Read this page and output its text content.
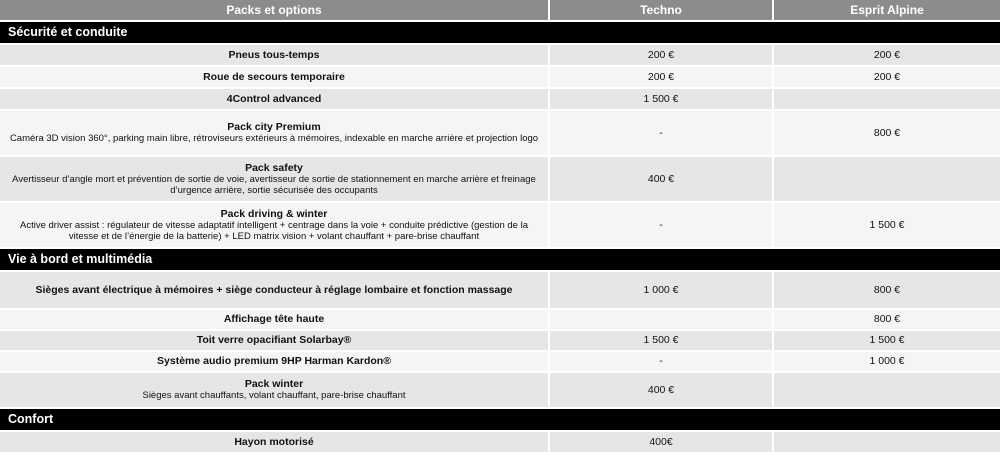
Packs et options	Techno	Esprit Alpine
Sécurité et conduite		

Pneus tous-temps	200 €	200 €

Roue de secours temporaire	200 €	200 €

4Control advanced	1 500 €	

Pack city Premium
Caméra 3D vision 360°, parking main libre, rétroviseurs extérieurs à mémoires, indexable en marche arrière et projection logo	-	800 €

Pack safety
Avertisseur d’angle mort et prévention de sortie de voie, avertisseur de sortie de stationnement en marche arrière et freinage d’urgence arrière, sortie sécurisée des occupants	400 €	

Pack driving & winter
Active driver assist : régulateur de vitesse adaptatif intelligent + centrage dans la voie + conduite prédictive (gestion de la vitesse et de l’énergie de la batterie) + LED matrix vision + volant chauffant + pare-brise chauffant	-	1 500 €
Vie à bord et multimédia		

Sièges avant électrique à mémoires + siège conducteur à réglage lombaire et fonction massage	1 000 €	800 €

Affichage tête haute		800 €

Toit verre opacifiant Solarbay®	1 500 €	1 500 €

Système audio premium 9HP Harman Kardon®	-	1 000 €

Pack winter
Sièges avant chauffants, volant chauffant, pare-brise chauffant	400 €	
Confort		

Hayon motorisé	400€	
